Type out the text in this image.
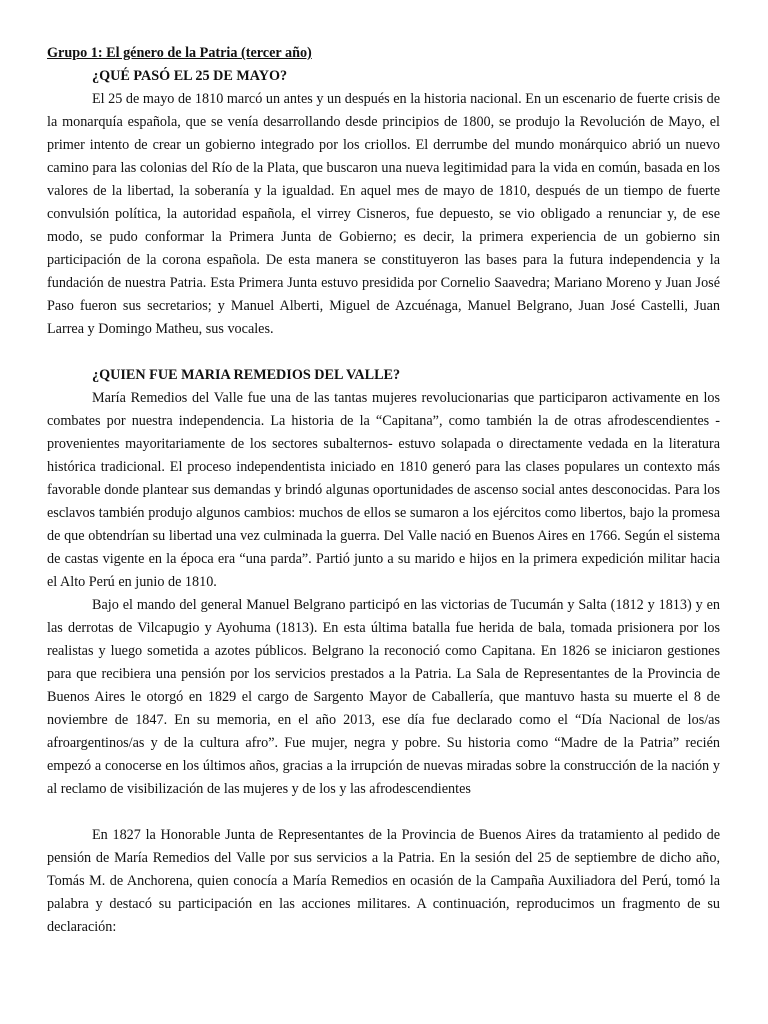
Grupo 1: El género de la Patria (tercer año)

¿QUÉ PASÓ EL 25 DE MAYO?

El 25 de mayo de 1810 marcó un antes y un después en la historia nacional. En un escenario de fuerte crisis de la monarquía española, que se venía desarrollando desde principios de 1800, se produjo la Revolución de Mayo, el primer intento de crear un gobierno integrado por los criollos. El derrumbe del mundo monárquico abrió un nuevo camino para las colonias del Río de la Plata, que buscaron una nueva legitimidad para la vida en común, basada en los valores de la libertad, la soberanía y la igualdad. En aquel mes de mayo de 1810, después de un tiempo de fuerte convulsión política, la autoridad española, el virrey Cisneros, fue depuesto, se vio obligado a renunciar y, de ese modo, se pudo conformar la Primera Junta de Gobierno; es decir, la primera experiencia de un gobierno sin participación de la corona española. De esta manera se constituyeron las bases para la futura independencia y la fundación de nuestra Patria. Esta Primera Junta estuvo presidida por Cornelio Saavedra; Mariano Moreno y Juan José Paso fueron sus secretarios; y Manuel Alberti, Miguel de Azcuénaga, Manuel Belgrano, Juan José Castelli, Juan Larrea y Domingo Matheu, sus vocales.

¿QUIEN FUE MARIA REMEDIOS DEL VALLE?

María Remedios del Valle fue una de las tantas mujeres revolucionarias que participaron activamente en los combates por nuestra independencia. La historia de la “Capitana”, como también la de otras afrodescendientes -provenientes mayoritariamente de los sectores subalternos- estuvo solapada o directamente vedada en la literatura histórica tradicional. El proceso independentista iniciado en 1810 generó para las clases populares un contexto más favorable donde plantear sus demandas y brindó algunas oportunidades de ascenso social antes desconocidas. Para los esclavos también produjo algunos cambios: muchos de ellos se sumaron a los ejércitos como libertos, bajo la promesa de que obtendrían su libertad una vez culminada la guerra. Del Valle nació en Buenos Aires en 1766. Según el sistema de castas vigente en la época era “una parda”. Partió junto a su marido e hijos en la primera expedición militar hacia el Alto Perú en junio de 1810.

Bajo el mando del general Manuel Belgrano participó en las victorias de Tucumán y Salta (1812 y 1813) y en las derrotas de Vilcapugio y Ayohuma (1813). En esta última batalla fue herida de bala, tomada prisionera por los realistas y luego sometida a azotes públicos. Belgrano la reconoció como Capitana. En 1826 se iniciaron gestiones para que recibiera una pensión por los servicios prestados a la Patria. La Sala de Representantes de la Provincia de Buenos Aires le otorgó en 1829 el cargo de Sargento Mayor de Caballería, que mantuvo hasta su muerte el 8 de noviembre de 1847. En su memoria, en el año 2013, ese día fue declarado como el “Día Nacional de los/as afroargentinos/as y de la cultura afro”. Fue mujer, negra y pobre. Su historia como “Madre de la Patria” recién empezó a conocerse en los últimos años, gracias a la irrupción de nuevas miradas sobre la construcción de la nación y al reclamo de visibilización de las mujeres y de los y las afrodescendientes

En 1827 la Honorable Junta de Representantes de la Provincia de Buenos Aires da tratamiento al pedido de pensión de María Remedios del Valle por sus servicios a la Patria. En la sesión del 25 de septiembre de dicho año, Tomás M. de Anchorena, quien conocía a María Remedios en ocasión de la Campaña Auxiliadora del Perú, tomó la palabra y destacó su participación en las acciones militares. A continuación, reproducimos un fragmento de su declaración:
